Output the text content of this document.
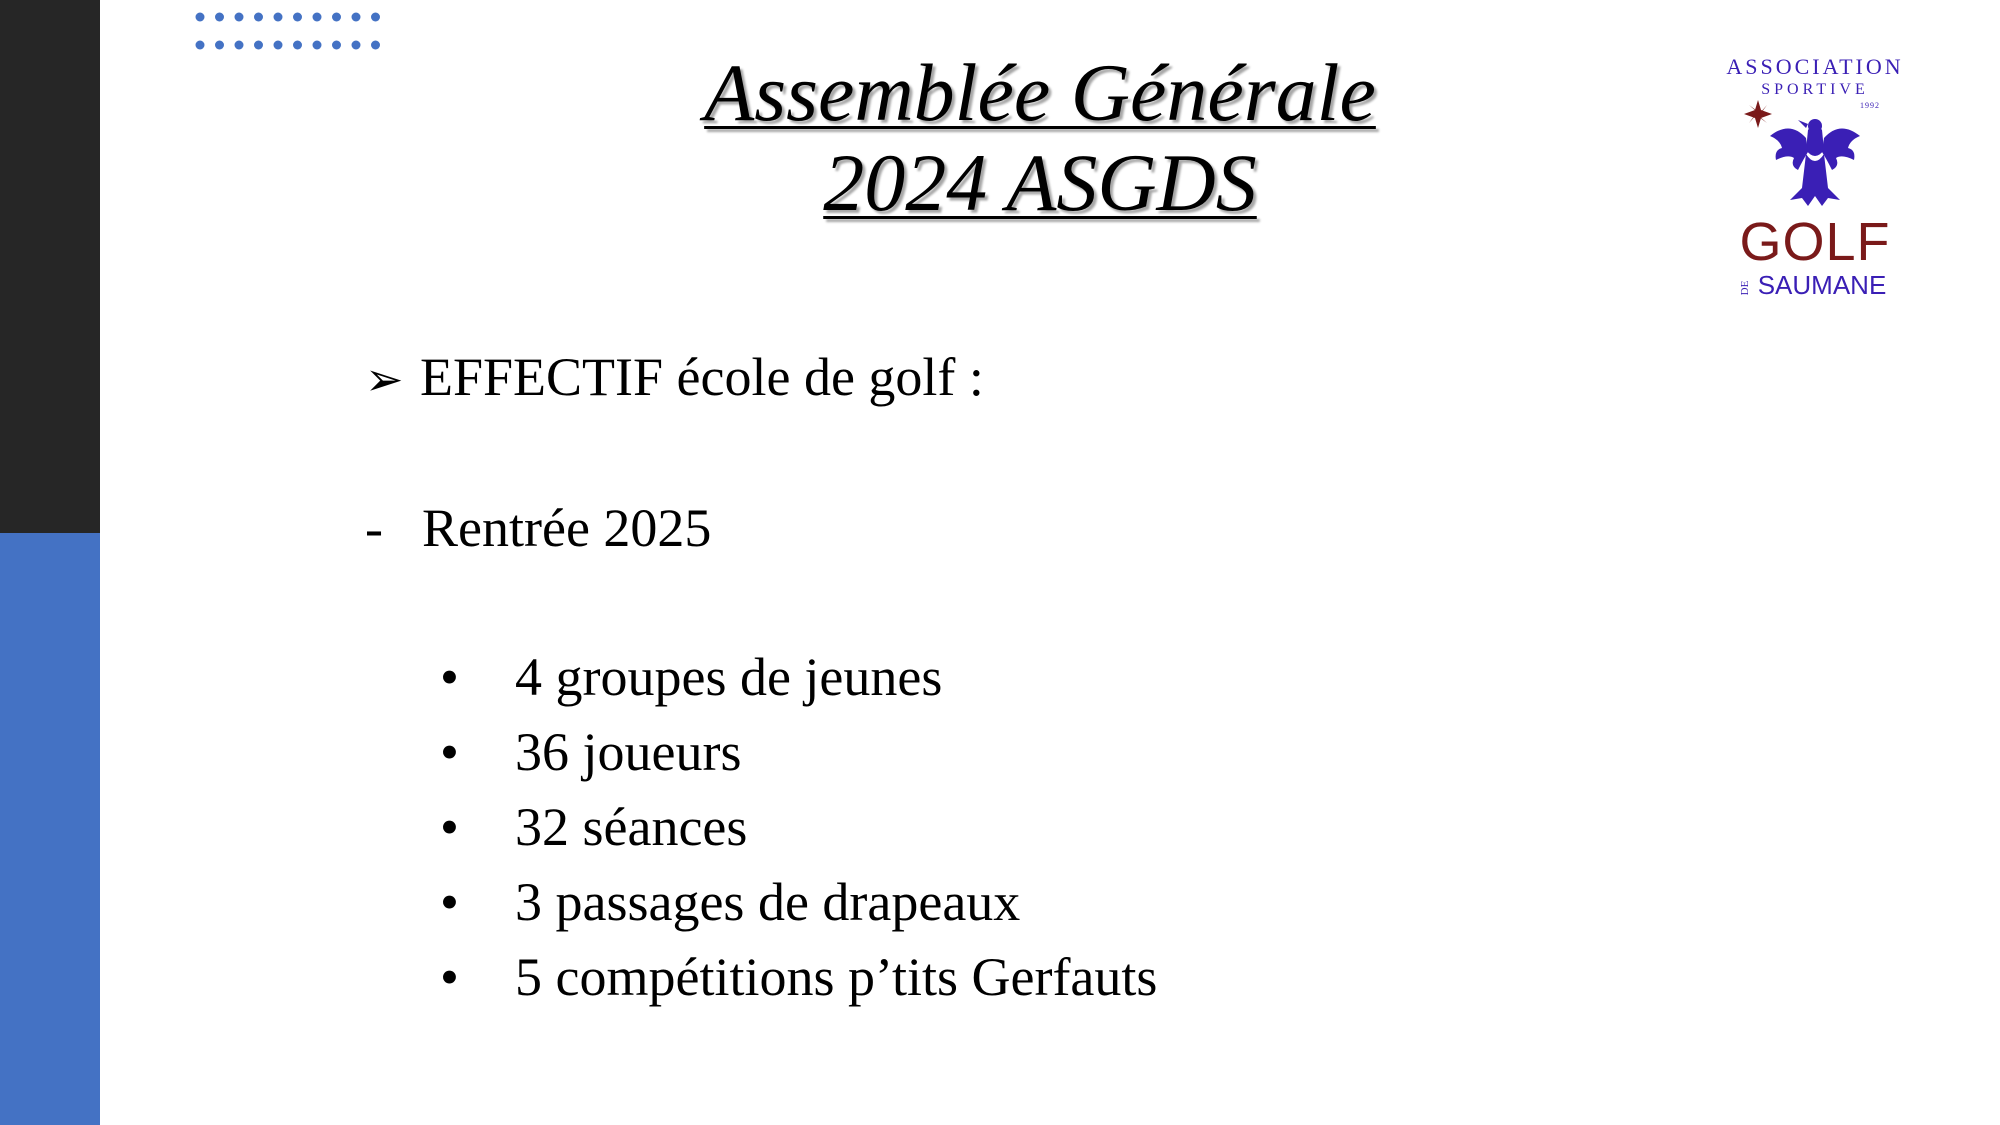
Assemblée Générale
2024 ASGDS
ASSOCIATION
SPORTIVE
1992
GOLF
DE SAUMANE
➢ EFFECTIF école de golf :
- Rentrée 2025
• 4 groupes de jeunes
• 36 joueurs
• 32 séances
• 3 passages de drapeaux
• 5 compétitions p’tits Gerfauts
